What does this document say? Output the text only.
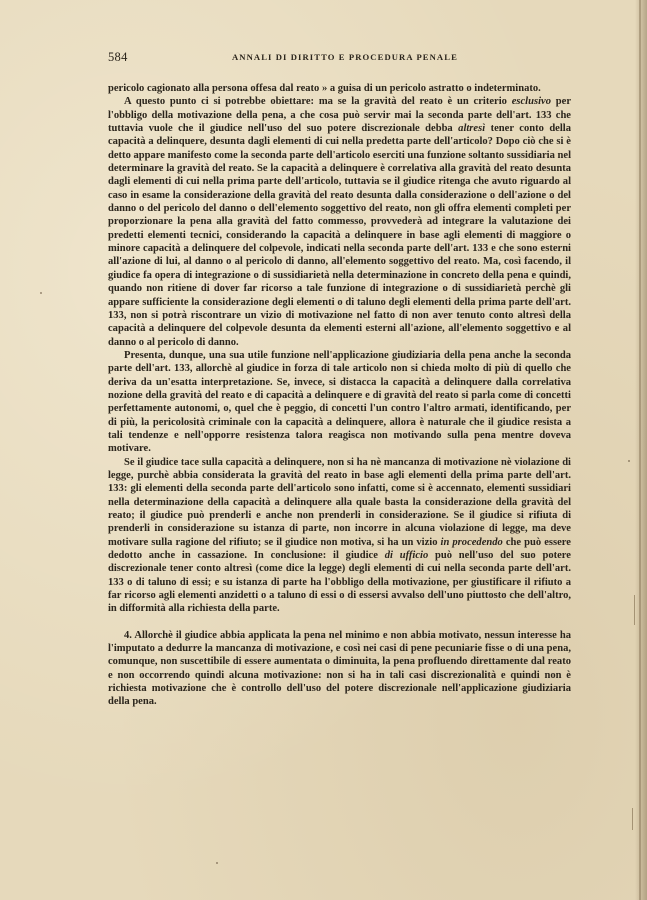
584	ANNALI DI DIRITTO E PROCEDURA PENALE

pericolo cagionato alla persona offesa dal reato » a guisa di un pericolo astratto o indeterminato.

A questo punto ci si potrebbe obiettare: ma se la gravità del reato è un criterio esclusivo per l'obbligo della motivazione della pena, a che cosa può servir mai la seconda parte dell'art. 133 che tuttavia vuole che il giudice nell'uso del suo potere discrezionale debba altresì tener conto della capacità a delinquere, desunta dagli elementi di cui nella predetta parte dell'articolo? Dopo ciò che si è detto appare manifesto come la seconda parte dell'articolo eserciti una funzione soltanto sussidiaria nel determinare la gravità del reato. Se la capacità a delinquere è correlativa alla gravità del reato desunta dagli elementi di cui nella prima parte dell'articolo, tuttavia se il giudice ritenga che avuto riguardo al caso in esame la considerazione della gravità del reato desunta dalla considerazione o dell'azione o del danno o del pericolo del danno o dell'elemento soggettivo del reato, non gli offra elementi completi per proporzionare la pena alla gravità del fatto commesso, provvederà ad integrare la valutazione dei predetti elementi tecnici, considerando la capacità a delinquere in base agli elementi di maggiore o minore capacità a delinquere del colpevole, indicati nella seconda parte dell'art. 133 e che sono esterni all'azione di lui, al danno o al pericolo di danno, all'elemento soggettivo del reato. Ma, così facendo, il giudice fa opera di integrazione o di sussidiarietà nella determinazione in concreto della pena e quindi, quando non ritiene di dover far ricorso a tale funzione di integrazione o di sussidiarietà perchè gli appare sufficiente la considerazione degli elementi o di taluno degli elementi della prima parte dell'art. 133, non si potrà riscontrare un vizio di motivazione nel fatto di non aver tenuto conto altresì della capacità a delinquere del colpevole desunta da elementi esterni all'azione, all'elemento soggettivo e al danno o al pericolo di danno.

Presenta, dunque, una sua utile funzione nell'applicazione giudiziaria della pena anche la seconda parte dell'art. 133, allorchè al giudice in forza di tale articolo non si chieda molto di più di quello che deriva da un'esatta interpretazione. Se, invece, si distacca la capacità a delinquere dalla correlativa nozione della gravità del reato e di capacità a delinquere e di gravità del reato si parla come di concetti perfettamente autonomi, o, quel che è peggio, di concetti l'un contro l'altro armati, identificando, per di più, la pericolosità criminale con la capacità a delinquere, allora è naturale che il giudice resista a tali tendenze e nell'opporre resistenza talora reagisca non motivando sulla pena mentre doveva motivare.

Se il giudice tace sulla capacità a delinquere, non si ha nè mancanza di motivazione nè violazione di legge, purchè abbia considerata la gravità del reato in base agli elementi della prima parte dell'art. 133: gli elementi della seconda parte dell'articolo sono infatti, come si è accennato, elementi sussidiari nella determinazione della capacità a delinquere alla quale basta la considerazione della gravità del reato; il giudice può prenderli e anche non prenderli in considerazione. Se il giudice si rifiuta di prenderli in considerazione su istanza di parte, non incorre in alcuna violazione di legge, ma deve motivare sulla ragione del rifiuto; se il giudice non motiva, si ha un vizio in procedendo che può essere dedotto anche in cassazione. In conclusione: il giudice di ufficio può nell'uso del suo potere discrezionale tener conto altresì (come dice la legge) degli elementi di cui nella seconda parte dell'art. 133 o di taluno di essi; e su istanza di parte ha l'obbligo della motivazione, per giustificare il rifiuto a far ricorso agli elementi anzidetti o a taluno di essi o di essersi avvalso dell'uno piuttosto che dell'altro, in difformità alla richiesta della parte.

4. Allorchè il giudice abbia applicata la pena nel minimo e non abbia motivato, nessun interesse ha l'imputato a dedurre la mancanza di motivazione, e così nei casi di pene pecuniarie fisse o di una pena, comunque, non suscettibile di essere aumentata o diminuita, la pena profluendo direttamente dal reato e non occorrendo quindi alcuna motivazione: non si ha in tali casi discrezionalità e quindi non è richiesta motivazione che è controllo dell'uso del potere discrezionale nell'applicazione giudiziaria della pena.
